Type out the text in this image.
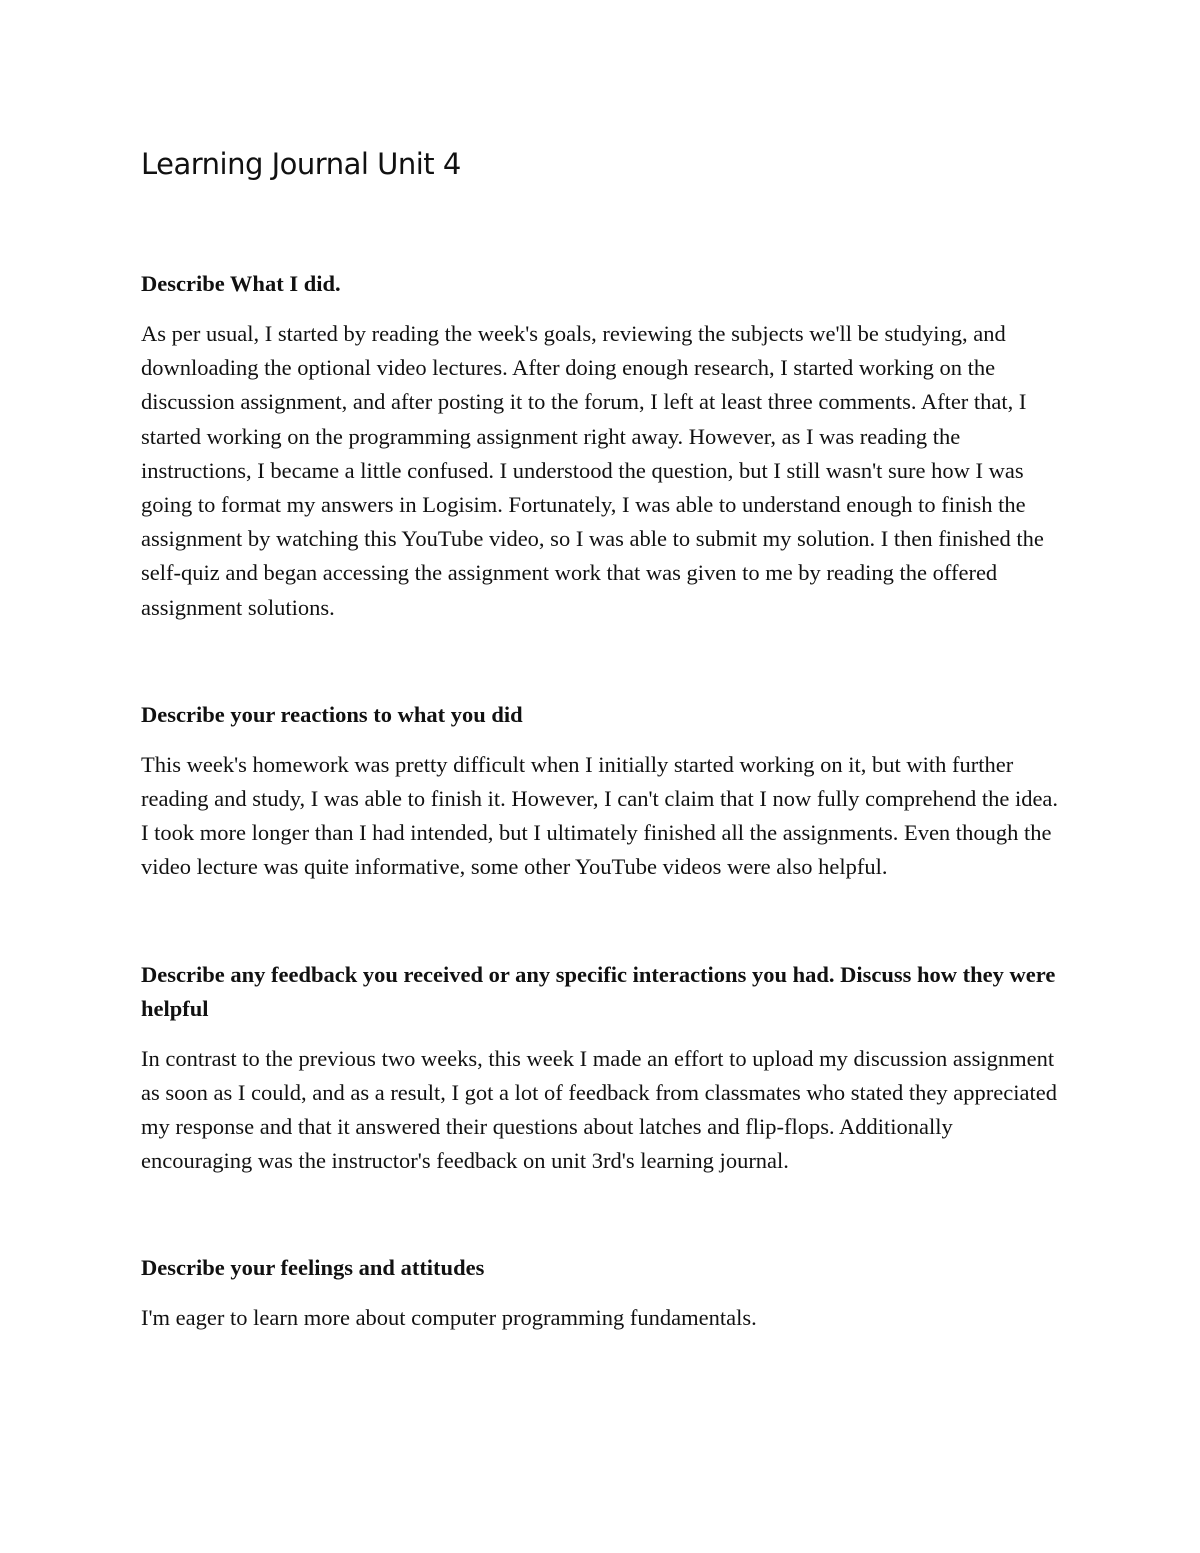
Learning Journal Unit 4

Describe What I did.

As per usual, I started by reading the week's goals, reviewing the subjects we'll be studying, and downloading the optional video lectures. After doing enough research, I started working on the discussion assignment, and after posting it to the forum, I left at least three comments. After that, I started working on the programming assignment right away. However, as I was reading the instructions, I became a little confused. I understood the question, but I still wasn't sure how I was going to format my answers in Logisim. Fortunately, I was able to understand enough to finish the assignment by watching this YouTube video, so I was able to submit my solution. I then finished the self-quiz and began accessing the assignment work that was given to me by reading the offered assignment solutions.

Describe your reactions to what you did

This week's homework was pretty difficult when I initially started working on it, but with further reading and study, I was able to finish it. However, I can't claim that I now fully comprehend the idea. I took more longer than I had intended, but I ultimately finished all the assignments. Even though the video lecture was quite informative, some other YouTube videos were also helpful.

Describe any feedback you received or any specific interactions you had. Discuss how they were helpful

In contrast to the previous two weeks, this week I made an effort to upload my discussion assignment as soon as I could, and as a result, I got a lot of feedback from classmates who stated they appreciated my response and that it answered their questions about latches and flip-flops. Additionally encouraging was the instructor's feedback on unit 3rd's learning journal.

Describe your feelings and attitudes

I'm eager to learn more about computer programming fundamentals.
